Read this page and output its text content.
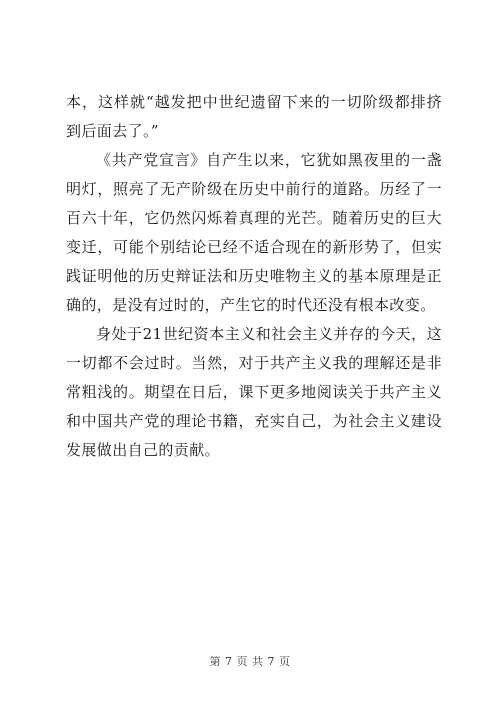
本，这样就“越发把中世纪遗留下来的一切阶级都排挤到后面去了。”

《共产党宣言》自产生以来，它犹如黑夜里的一盏明灯，照亮了无产阶级在历史中前行的道路。历经了一百六十年，它仍然闪烁着真理的光芒。随着历史的巨大变迁，可能个别结论已经不适合现在的新形势了，但实践证明他的历史辩证法和历史唯物主义的基本原理是正确的，是没有过时的，产生它的时代还没有根本改变。

身处于21世纪资本主义和社会主义并存的今天，这一切都不会过时。当然，对于共产主义我的理解还是非常粗浅的。期望在日后，课下更多地阅读关于共产主义和中国共产党的理论书籍，充实自己，为社会主义建设发展做出自己的贡献。

第 7 页 共 7 页
